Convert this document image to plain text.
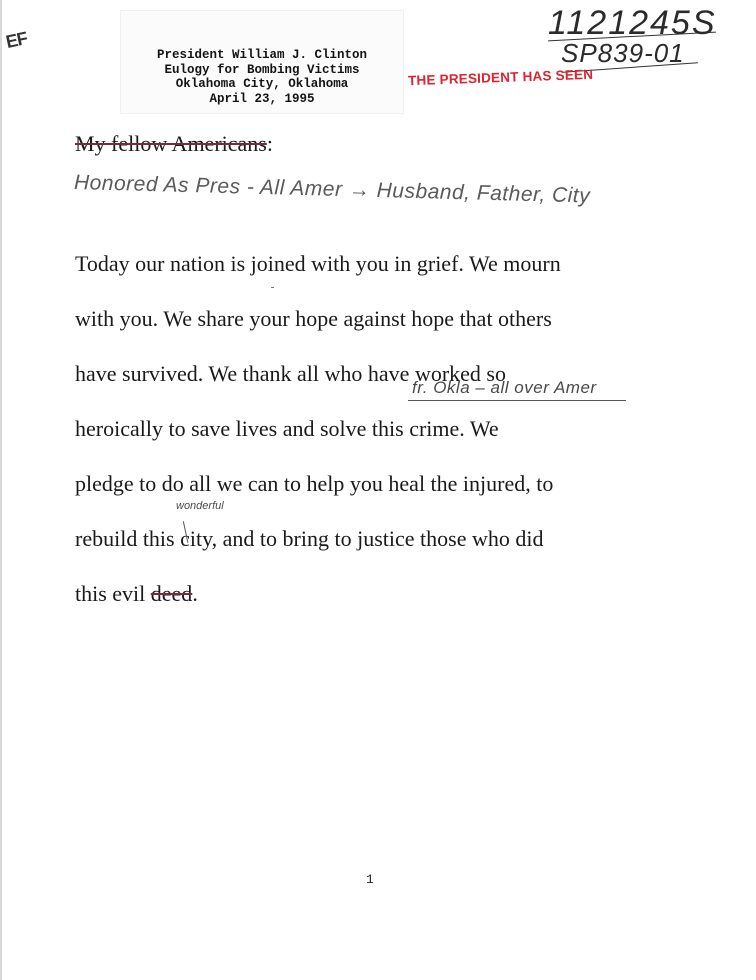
EF
President William J. Clinton
Eulogy for Bombing Victims
Oklahoma City, Oklahoma
April 23, 1995
1121245S
SP839-01
THE PRESIDENT HAS SEEN
My fellow Americans:
Honored As Pres - All Amer → Husband, Father, City
Today our nation is joined with you in grief. We mourn
with you. We share your hope against hope that others
have survived. We thank all who have worked so
heroically to save lives and solve this crime. We
pledge to do all we can to help you heal the injured, to
rebuild this city, and to bring to justice those who did
this evil deed.
fr. Okla – all over Amer
wonderful
1
